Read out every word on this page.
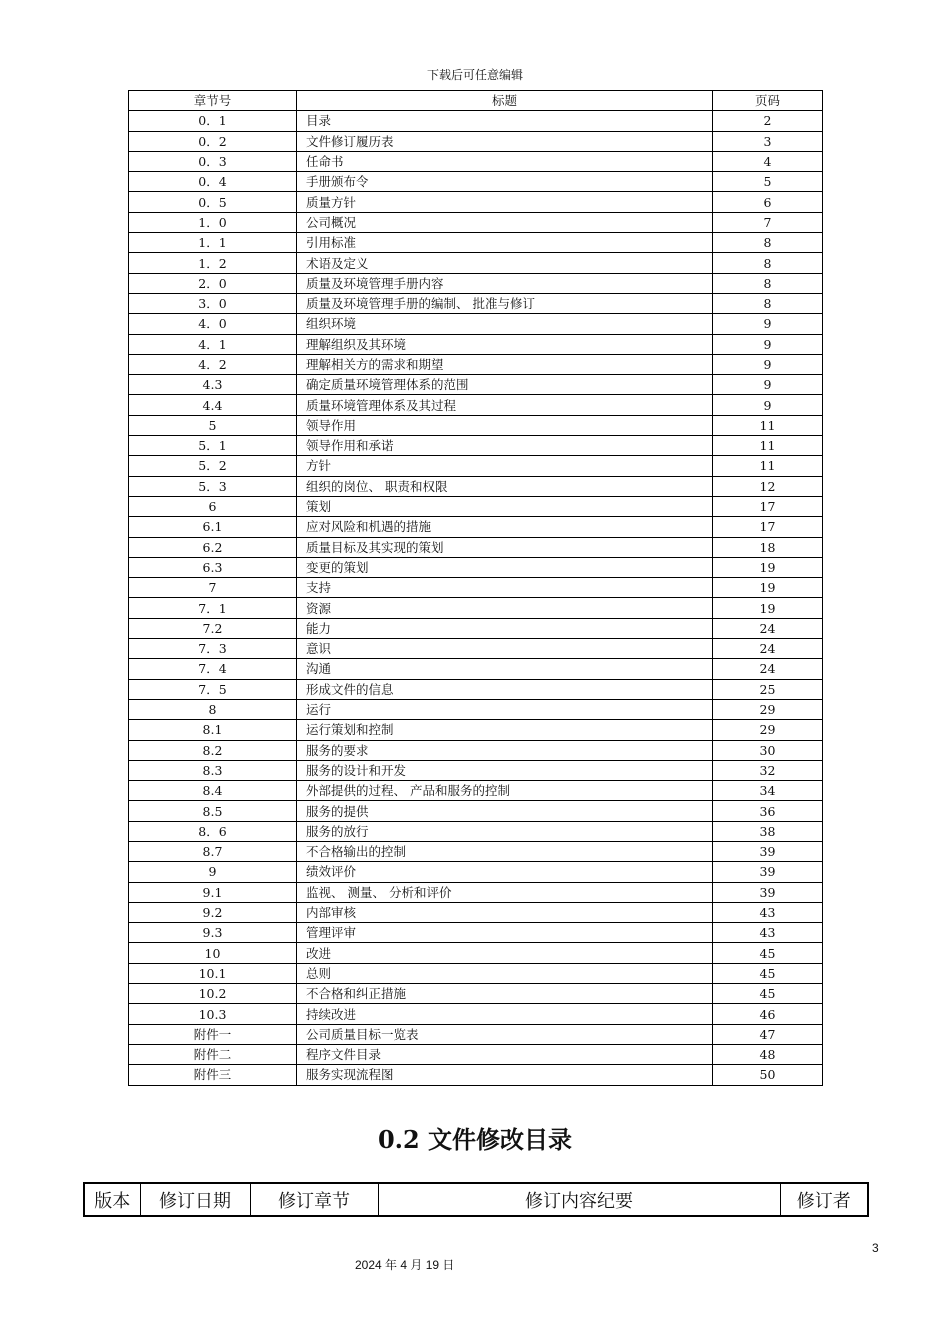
下载后可任意编辑
章节号	标题	页码
0．1	目录	2
0．2	文件修订履历表	3
0．3	任命书	4
0．4	手册颁布令	5
0．5	质量方针	6
1．0	公司概况	7
1．1	引用标准	8
1．2	术语及定义	8
2．0	质量及环境管理手册内容	8
3．0	质量及环境管理手册的编制、 批准与修订	8
4．0	组织环境	9
4．1	理解组织及其环境	9
4．2	理解相关方的需求和期望	9
4.3	确定质量环境管理体系的范围	9
4.4	质量环境管理体系及其过程	9
5	领导作用	11
5．1	领导作用和承诺	11
5．2	方针	11
5．3	组织的岗位、 职责和权限	12
6	策划	17
6.1	应对风险和机遇的措施	17
6.2	质量目标及其实现的策划	18
6.3	变更的策划	19
7	支持	19
7．1	资源	19
7.2	能力	24
7．3	意识	24
7．4	沟通	24
7．5	形成文件的信息	25
8	运行	29
8.1	运行策划和控制	29
8.2	服务的要求	30
8.3	服务的设计和开发	32
8.4	外部提供的过程、 产品和服务的控制	34
8.5	服务的提供	36
8．6	服务的放行	38
8.7	不合格输出的控制	39
9	绩效评价	39
9.1	监视、 测量、 分析和评价	39
9.2	内部审核	43
9.3	管理评审	43
10	改进	45
10.1	总则	45
10.2	不合格和纠正措施	45
10.3	持续改进	46
附件一	公司质量目标一览表	47
附件二	程序文件目录	48
附件三	服务实现流程图	50
0.2 文件修改目录
版本	修订日期	修订章节	修订内容纪要	修订者
3
2024 年 4 月 19 日
